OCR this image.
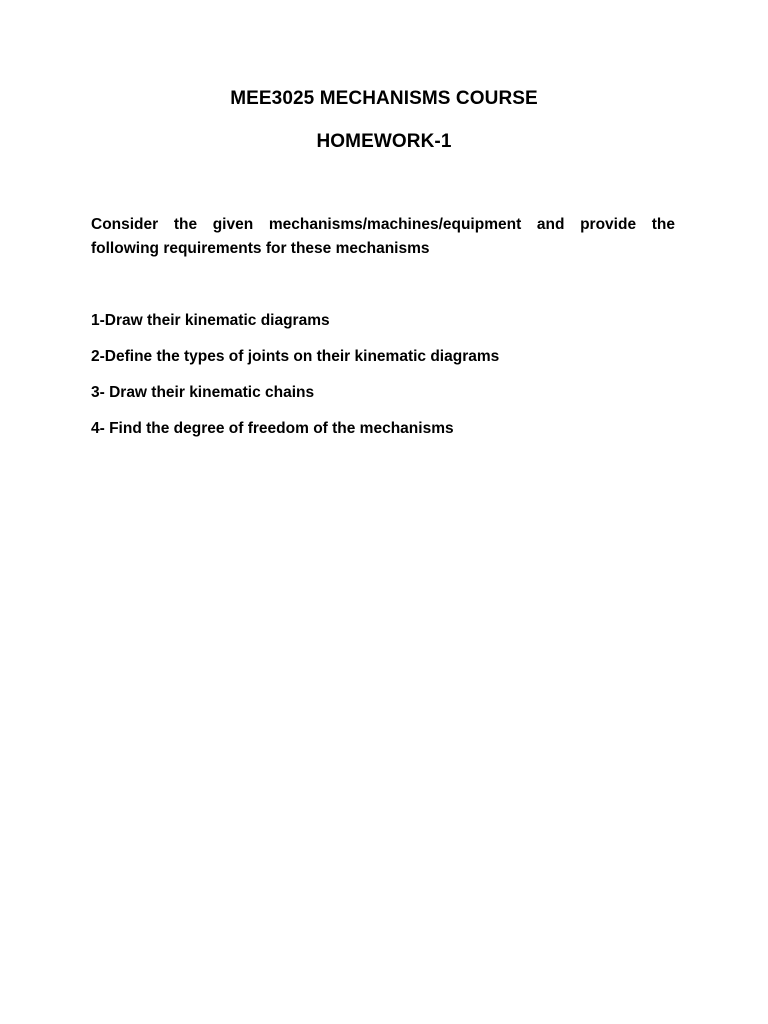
MEE3025 MECHANISMS COURSE
HOMEWORK-1
Consider the given mechanisms/machines/equipment and provide the
following requirements for these mechanisms
1-Draw their kinematic diagrams
2-Define the types of joints on their kinematic diagrams
3- Draw their kinematic chains
4- Find the degree of freedom of the mechanisms
